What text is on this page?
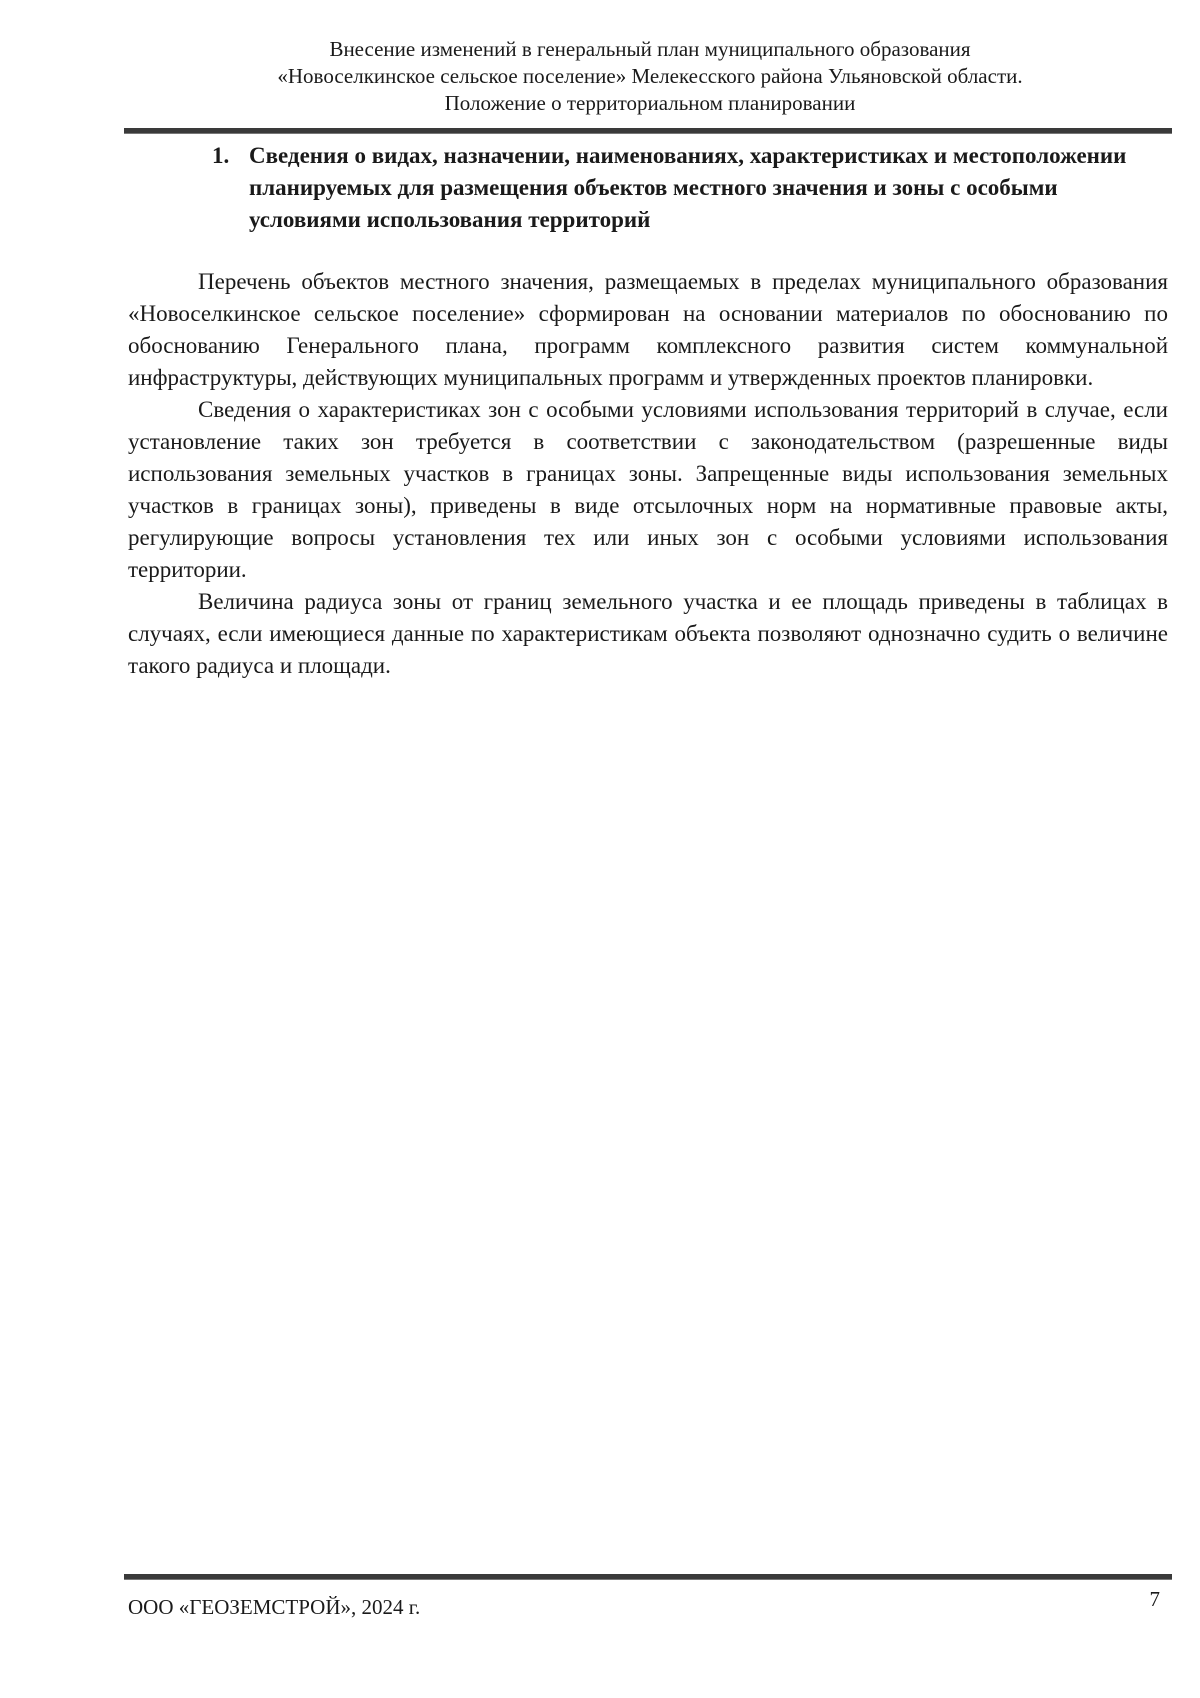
Внесение изменений в генеральный план муниципального образования
«Новоселкинское сельское поселение» Мелекесского района Ульяновской области.
Положение о территориальном планировании
1. Сведения о видах, назначении, наименованиях, характеристиках и местоположении планируемых для размещения объектов местного значения и зоны с особыми условиями использования территорий

Перечень объектов местного значения, размещаемых в пределах муниципального образования «Новоселкинское сельское поселение» сформирован на основании материалов по обоснованию по обоснованию Генерального плана, программ комплексного развития систем коммунальной инфраструктуры, действующих муниципальных программ и утвержденных проектов планировки.

Сведения о характеристиках зон с особыми условиями использования территорий в случае, если установление таких зон требуется в соответствии с законодательством (разрешенные виды использования земельных участков в границах зоны. Запрещенные виды использования земельных участков в границах зоны), приведены в виде отсылочных норм на нормативные правовые акты, регулирующие вопросы установления тех или иных зон с особыми условиями использования территории.

Величина радиуса зоны от границ земельного участка и ее площадь приведены в таблицах в случаях, если имеющиеся данные по характеристикам объекта позволяют однозначно судить о величине такого радиуса и площади.

ООО «ГЕОЗЕМСТРОЙ», 2024 г.	7
